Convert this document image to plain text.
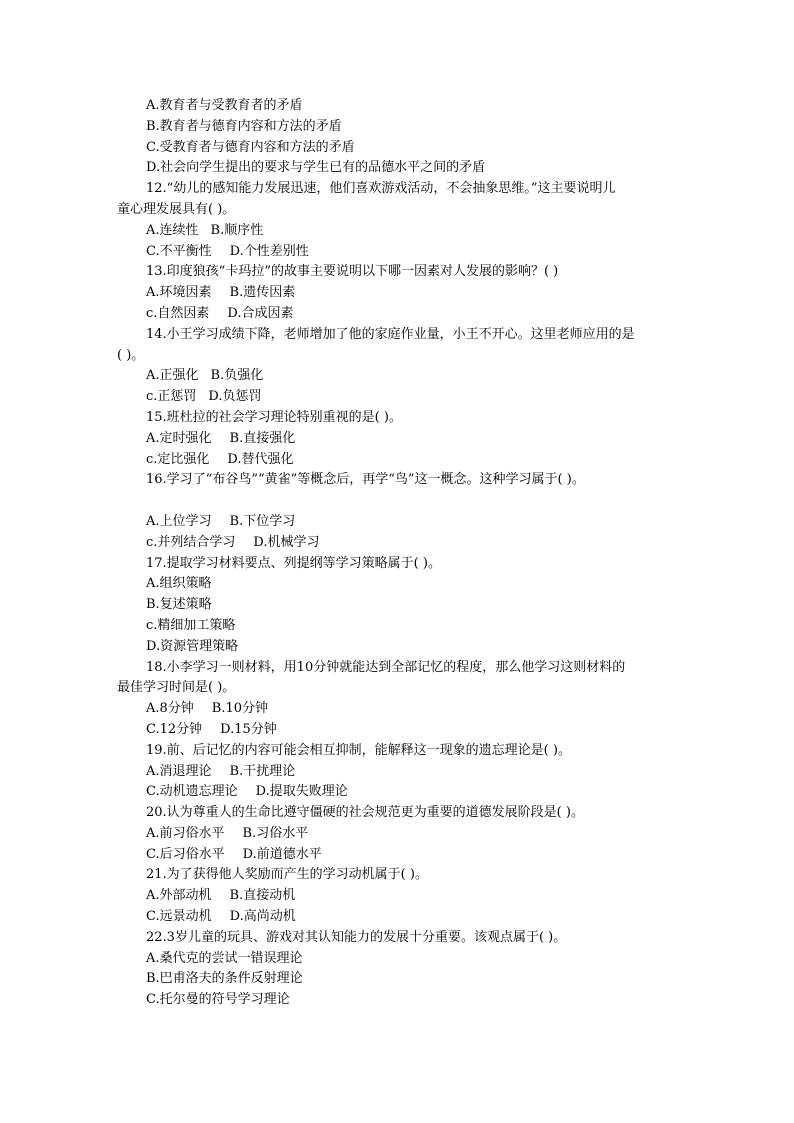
A.教育者与受教育者的矛盾
B.教育者与德育内容和方法的矛盾
C.受教育者与德育内容和方法的矛盾
D.社会向学生提出的要求与学生已有的品德水平之间的矛盾
12.“幼儿的感知能力发展迅速，他们喜欢游戏活动，不会抽象思维。”这主要说明儿
童心理发展具有( )。
A.连续性 B.顺序性
C.不平衡性 D.个性差别性
13.印度狼孩“卡玛拉”的故事主要说明以下哪一因素对人发展的影响？( )
A.环境因素 B.遗传因素
c.自然因素 D.合成因素
14.小王学习成绩下降，老师增加了他的家庭作业量，小王不开心。这里老师应用的是
( )。
A.正强化 B.负强化
c.正惩罚 D.负惩罚
15.班杜拉的社会学习理论特别重视的是( )。
A.定时强化 B.直接强化
c.定比强化 D.替代强化
16.学习了“布谷鸟”“黄雀”等概念后，再学“鸟”这一概念。这种学习属于( )。
A.上位学习 B.下位学习
c.并列结合学习 D.机械学习
17.提取学习材料要点、列提纲等学习策略属于( )。
A.组织策略
B.复述策略
c.精细加工策略
D.资源管理策略
18.小李学习一则材料，用10分钟就能达到全部记忆的程度，那么他学习这则材料的
最佳学习时间是( )。
A.8分钟 B.10分钟
C.12分钟 D.15分钟
19.前、后记忆的内容可能会相互抑制，能解释这一现象的遗忘理论是( )。
A.消退理论 B.干扰理论
C.动机遗忘理论 D.提取失败理论
20.认为尊重人的生命比遵守僵硬的社会规范更为重要的道德发展阶段是( )。
A.前习俗水平 B.习俗水平
C.后习俗水平 D.前道德水平
21.为了获得他人奖励而产生的学习动机属于( )。
A.外部动机 B.直接动机
C.远景动机 D.高尚动机
22.3岁儿童的玩具、游戏对其认知能力的发展十分重要。该观点属于( )。
A.桑代克的尝试一错误理论
B.巴甫洛夫的条件反射理论
C.托尔曼的符号学习理论
